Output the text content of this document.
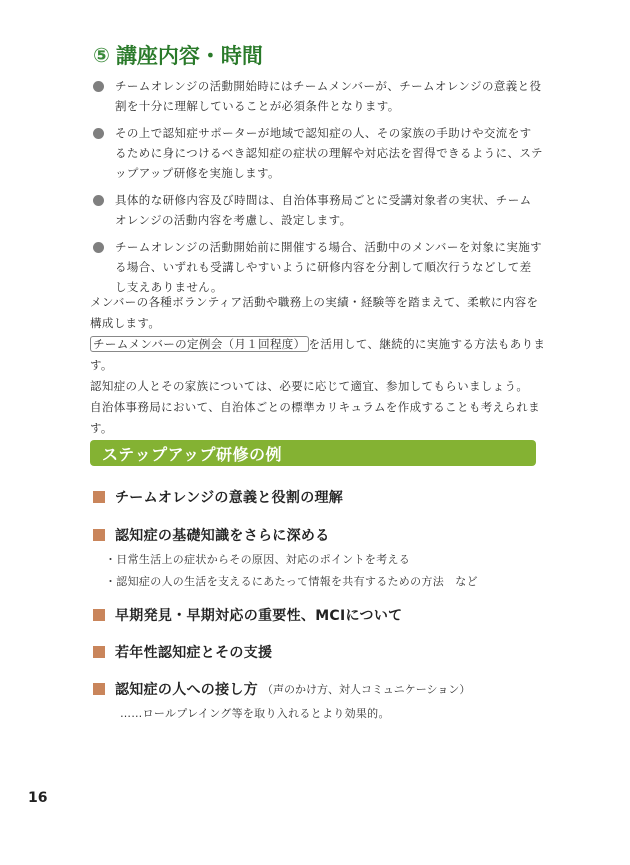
⑤ 講座内容・時間
チームオレンジの活動開始時にはチームメンバーが、チームオレンジの意義と役割を十分に理解していることが必須条件となります。
その上で認知症サポーターが地域で認知症の人、その家族の手助けや交流をするために身につけるべき認知症の症状の理解や対応法を習得できるように、ステップアップ研修を実施します。
具体的な研修内容及び時間は、自治体事務局ごとに受講対象者の実状、チームオレンジの活動内容を考慮し、設定します。
チームオレンジの活動開始前に開催する場合、活動中のメンバーを対象に実施する場合、いずれも受講しやすいように研修内容を分割して順次行うなどして差し支えありません。

メンバーの各種ボランティア活動や職務上の実績・経験等を踏まえて、柔軟に内容を構成します。

チームメンバーの定例会（月１回程度） を活用して、継続的に実施する方法もあります。

認知症の人とその家族については、必要に応じて適宜、参加してもらいましょう。

自治体事務局において、自治体ごとの標準カリキュラムを作成することも考えられます。

ステップアップ研修の例
チームオレンジの意義と役割の理解
認知症の基礎知識をさらに深める
・日常生活上の症状からその原因、対応のポイントを考える
・認知症の人の生活を支えるにあたって情報を共有するための方法　など
早期発見・早期対応の重要性、MCIについて
若年性認知症とその支援
認知症の人への接し方 （声のかけ方、対人コミュニケーション）
……ロールプレイング等を取り入れるとより効果的。
16
